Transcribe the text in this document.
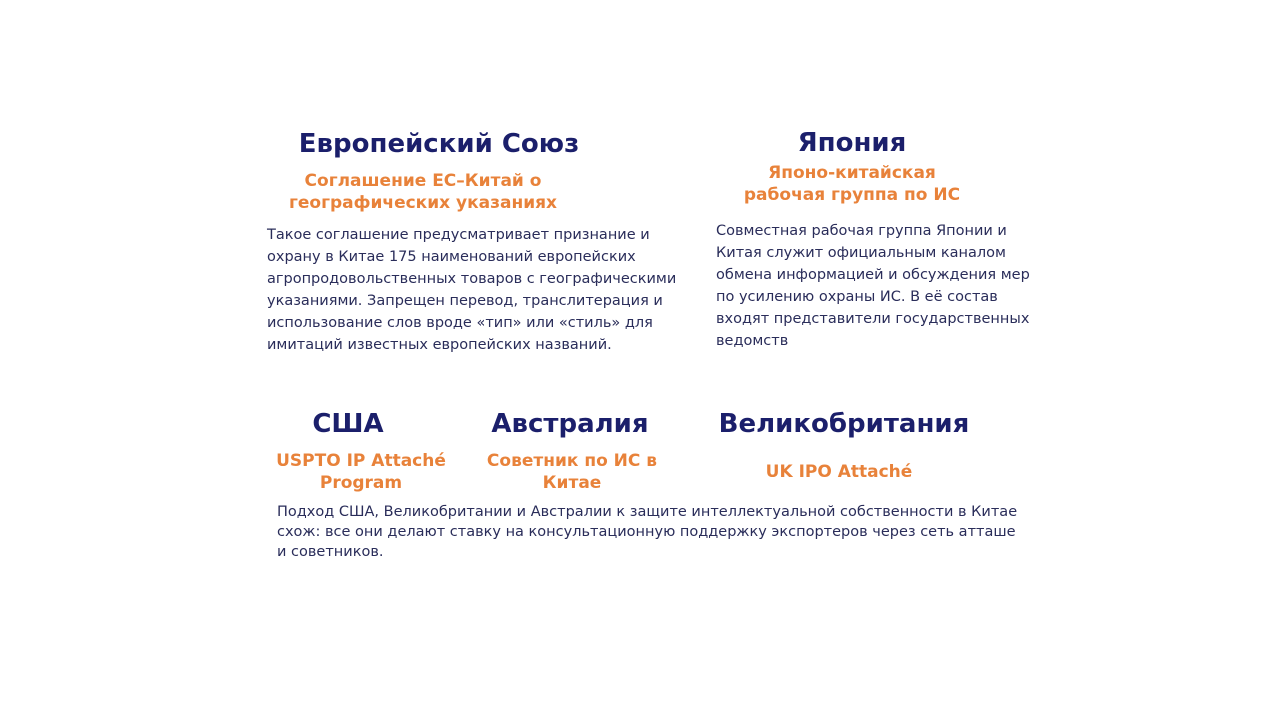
Европейский Союз
Соглашение ЕС–Китай о географических указаниях
Такое соглашение предусматривает признание и охрану в Китае 175 наименований европейских агропродовольственных товаров с географическими указаниями. Запрещен перевод, транслитерация и использование слов вроде «тип» или «стиль» для имитаций известных европейских названий.
Япония
Японо-китайская рабочая группа по ИС
Совместная рабочая группа Японии и Китая служит официальным каналом обмена информацией и обсуждения мер по усилению охраны ИС. В её состав входят представители государственных ведомств
США
USPTO IP Attaché Program
Австралия
Советник по ИС в Китае
Великобритания
UK IPO Attaché
Подход США, Великобритании и Австралии к защите интеллектуальной собственности в Китае схож: все они делают ставку на консультационную поддержку экспортеров через сеть атташе и советников.
